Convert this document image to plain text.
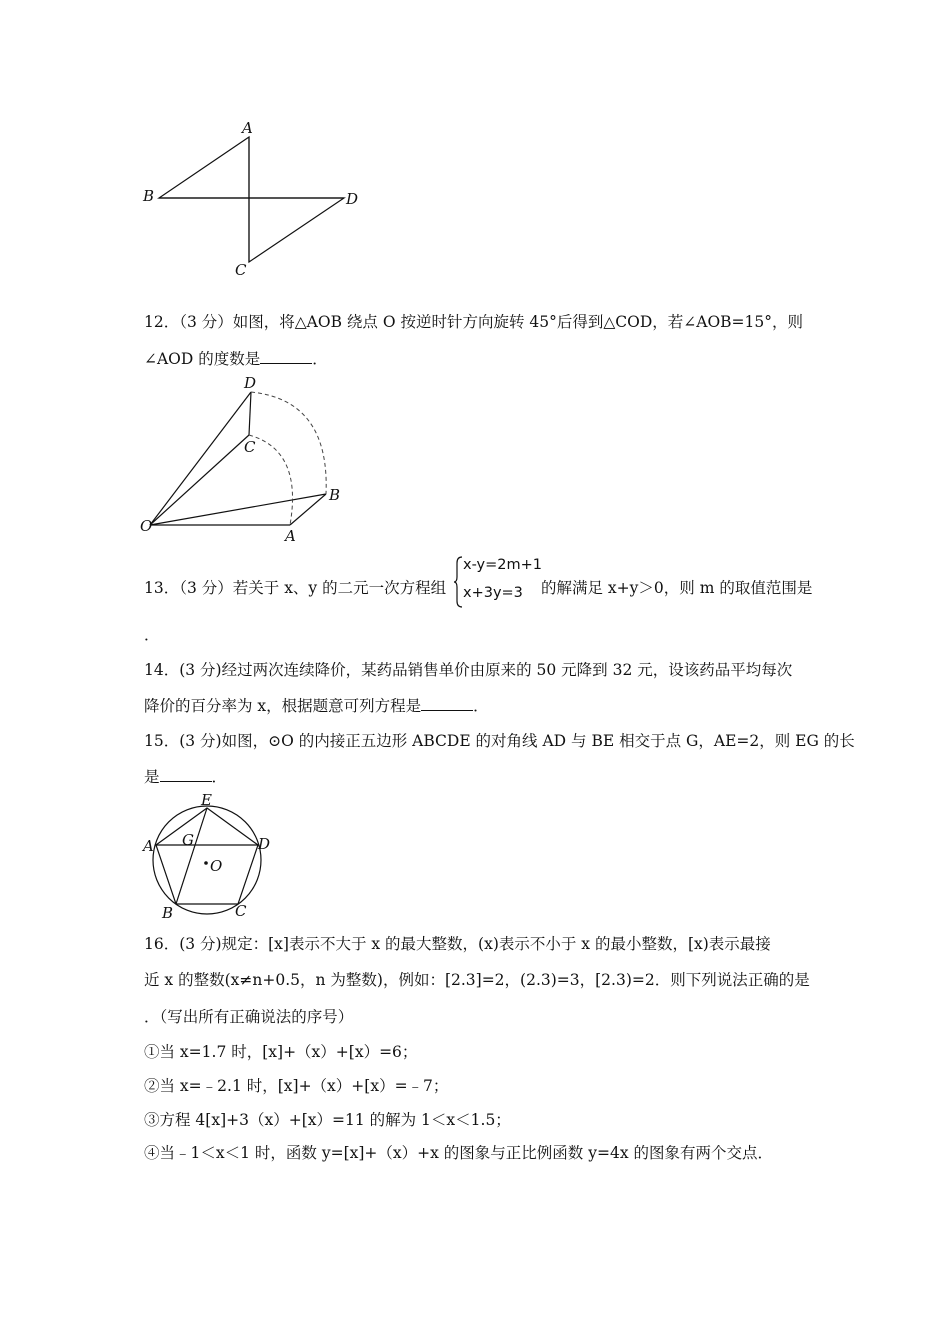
A
B	D
C
12．（3 分）如图，将△AOB 绕点 O 按逆时针方向旋转 45°后得到△COD，若∠AOB=15°，则
∠AOD 的度数是	．
D
C
B
O
A
13．（3 分）若关于 x、y 的二元一次方程组
x-y=2m+1
x+3y=3 的解满足 x+y＞0，则 m 的取值范围是
．
14．(3 分)经过两次连续降价，某药品销售单价由原来的 50 元降到 32 元，设该药品平均每次
降价的百分率为 x，根据题意可列方程是	．
15．(3 分)如图，⊙O 的内接正五边形 ABCDE 的对角线 AD 与 BE 相交于点 G，AE=2，则 EG 的长
是	．
E
G
A	D
O
B	C
16．(3 分)规定：[x]表示不大于 x 的最大整数，(x)表示不小于 x 的最小整数，[x)表示最接
近 x 的整数(x≠n+0.5，n 为整数)，例如：[2.3]=2，(2.3)=3，[2.3)=2．则下列说法正确的是
．（写出所有正确说法的序号）
①当 x=1.7 时，[x]+（x）+[x）=6；
②当 x=﹣2.1 时，[x]+（x）+[x）=﹣7；
③方程 4[x]+3（x）+[x）=11 的解为 1＜x＜1.5；
④当﹣1＜x＜1 时，函数 y=[x]+（x）+x 的图象与正比例函数 y=4x 的图象有两个交点．
